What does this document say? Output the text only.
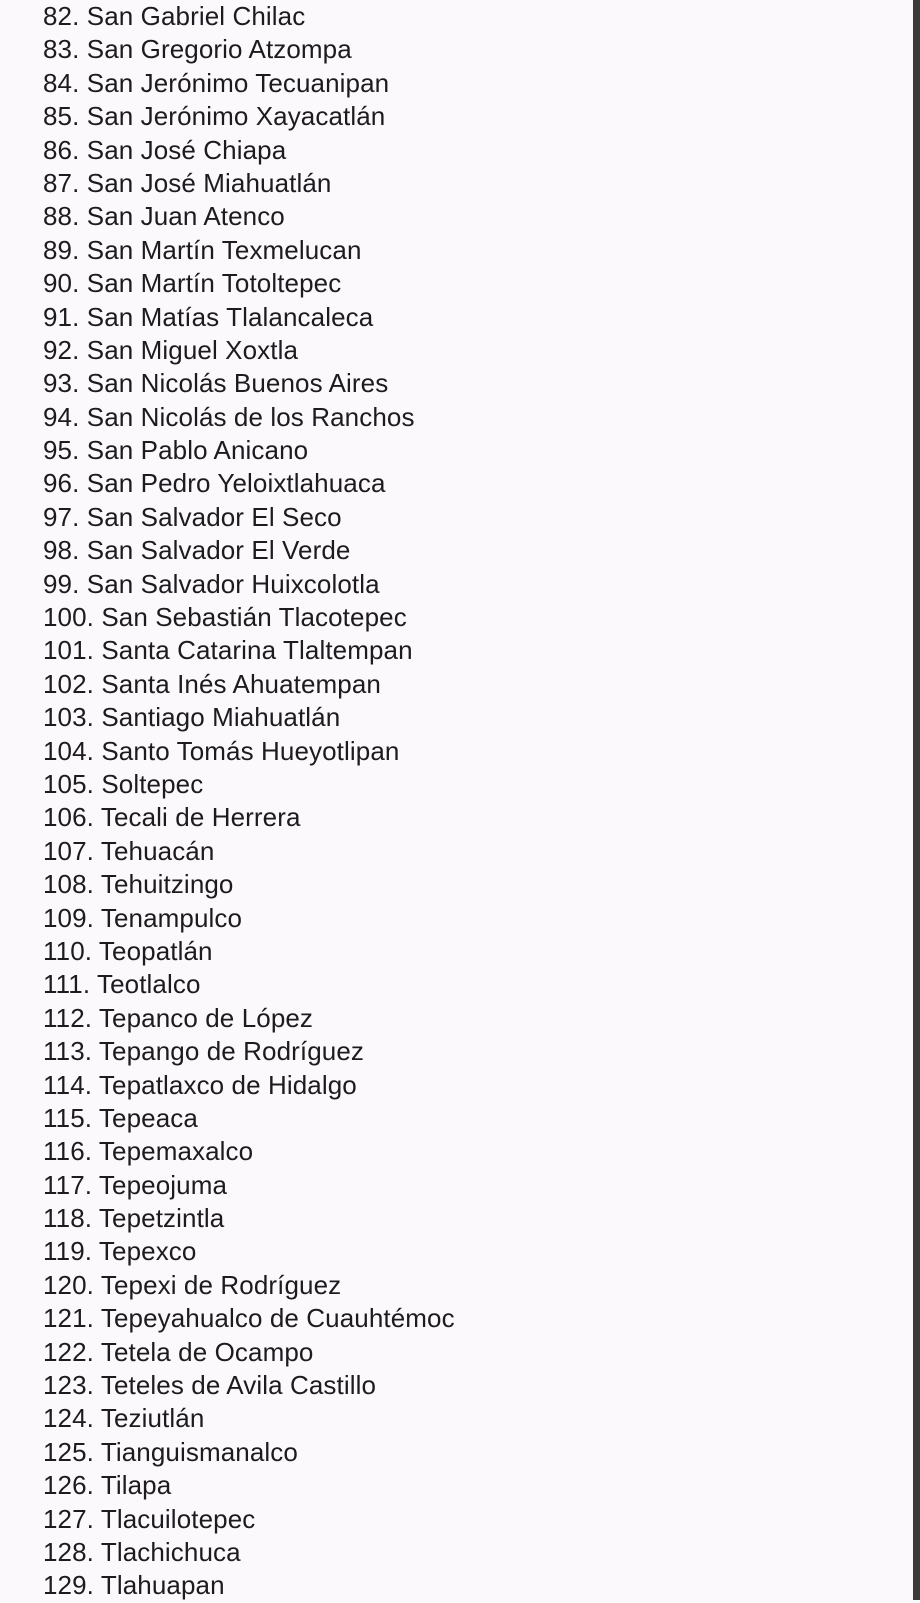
82. San Gabriel Chilac
83. San Gregorio Atzompa
84. San Jerónimo Tecuanipan
85. San Jerónimo Xayacatlán
86. San José Chiapa
87. San José Miahuatlán
88. San Juan Atenco
89. San Martín Texmelucan
90. San Martín Totoltepec
91. San Matías Tlalancaleca
92. San Miguel Xoxtla
93. San Nicolás Buenos Aires
94. San Nicolás de los Ranchos
95. San Pablo Anicano
96. San Pedro Yeloixtlahuaca
97. San Salvador El Seco
98. San Salvador El Verde
99. San Salvador Huixcolotla
100. San Sebastián Tlacotepec
101. Santa Catarina Tlaltempan
102. Santa Inés Ahuatempan
103. Santiago Miahuatlán
104. Santo Tomás Hueyotlipan
105. Soltepec
106. Tecali de Herrera
107. Tehuacán
108. Tehuitzingo
109. Tenampulco
110. Teopatlán
111. Teotlalco
112. Tepanco de López
113. Tepango de Rodríguez
114. Tepatlaxco de Hidalgo
115. Tepeaca
116. Tepemaxalco
117. Tepeojuma
118. Tepetzintla
119. Tepexco
120. Tepexi de Rodríguez
121. Tepeyahualco de Cuauhtémoc
122. Tetela de Ocampo
123. Teteles de Avila Castillo
124. Teziutlán
125. Tianguismanalco
126. Tilapa
127. Tlacuilotepec
128. Tlachichuca
129. Tlahuapan
